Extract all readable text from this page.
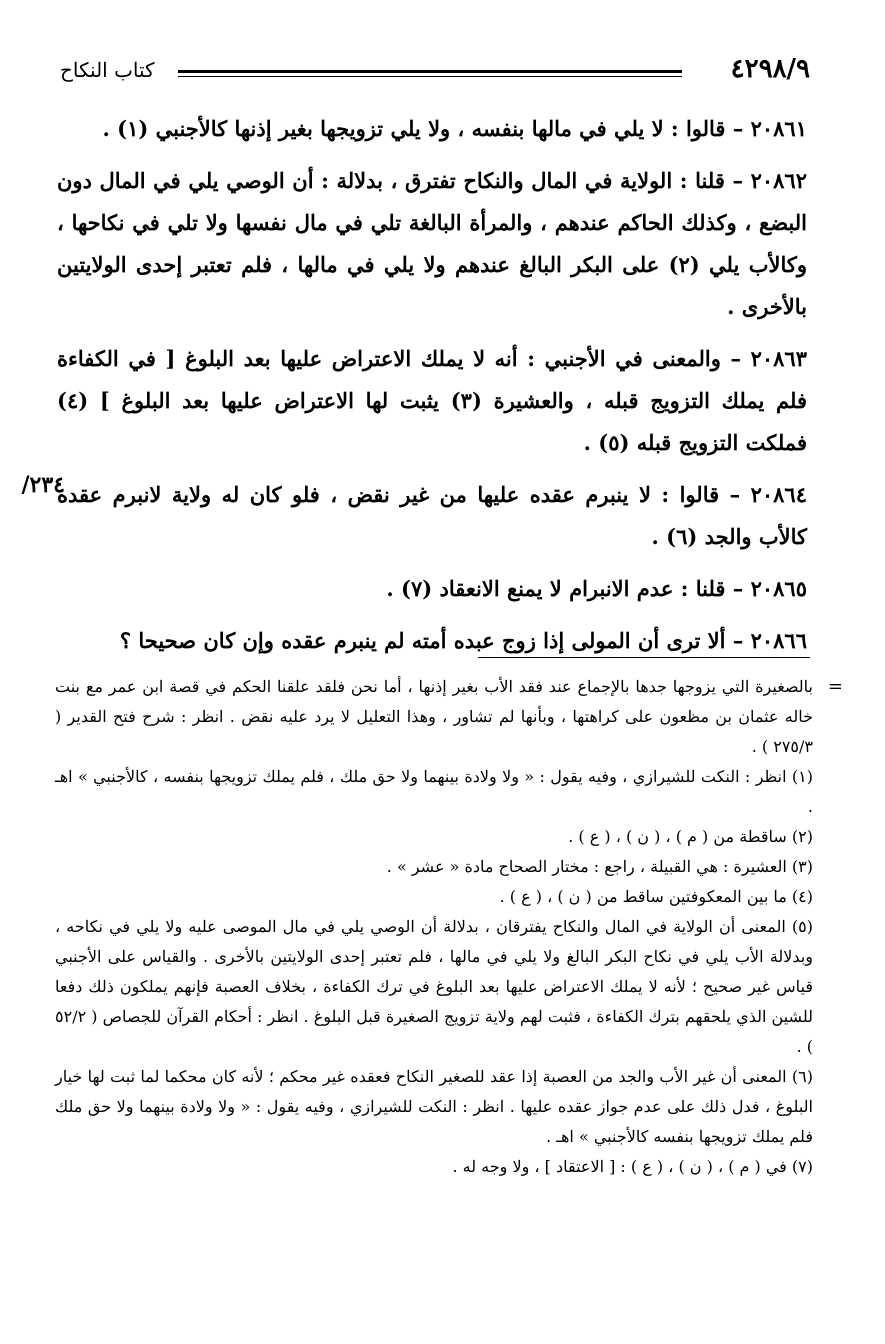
٤٢٩٨/٩
كتاب النكاح
/٢٣٤

٢٠٨٦١ – قالوا : لا يلي في مالها بنفسه ، ولا يلي تزويجها بغير إذنها كالأجنبي (١) .

٢٠٨٦٢ – قلنا : الولاية في المال والنكاح تفترق ، بدلالة : أن الوصي يلي في المال دون البضع ، وكذلك الحاكم عندهم ، والمرأة البالغة تلي في مال نفسها ولا تلي في نكاحها ، وكالأب يلي (٢) على البكر البالغ عندهم ولا يلي في مالها ، فلم تعتبر إحدى الولايتين بالأخرى .

٢٠٨٦٣ – والمعنى في الأجنبي : أنه لا يملك الاعتراض عليها بعد البلوغ [ في الكفاءة فلم يملك التزويج قبله ، والعشيرة (٣) يثبت لها الاعتراض عليها بعد البلوغ ] (٤) فملكت التزويج قبله (٥) .

٢٠٨٦٤ – قالوا : لا ينبرم عقده عليها من غير نقض ، فلو كان له ولاية لانبرم عقده كالأب والجد (٦) .

٢٠٨٦٥ – قلنا : عدم الانبرام لا يمنع الانعقاد (٧) .

٢٠٨٦٦ – ألا ترى أن المولى إذا زوج عبده أمته لم ينبرم عقده وإن كان صحيحا ؟

=
بالصغيرة التي يزوجها جدها بالإجماع عند فقد الأب بغير إذنها ، أما نحن فلقد علقنا الحكم في قصة ابن عمر مع بنت خاله عثمان بن مظعون على كراهتها ، وبأنها لم تشاور ، وهذا التعليل لا يرد عليه نقض . انظر : شرح فتح القدير ( ٢٧٥/٣ ) .

(١) انظر : النكت للشيرازي ، وفيه يقول : « ولا ولادة بينهما ولا حق ملك ، فلم يملك تزويجها بنفسه ، كالأجنبي » اهـ .

(٢) ساقطة من ( م ) ، ( ن ) ، ( ع ) .

(٣) العشيرة : هي القبيلة ، راجع : مختار الصحاح مادة « عشر » .

(٤) ما بين المعكوفتين ساقط من ( ن ) ، ( ع ) .

(٥) المعنى أن الولاية في المال والنكاح يفترقان ، بدلالة أن الوصي يلي في مال الموصى عليه ولا يلي في نكاحه ، وبدلالة الأب يلي في نكاح البكر البالغ ولا يلي في مالها ، فلم تعتبر إحدى الولايتين بالأخرى . والقياس على الأجنبي قياس غير صحيح ؛ لأنه لا يملك الاعتراض عليها بعد البلوغ في ترك الكفاءة ، بخلاف العصبة فإنهم يملكون ذلك دفعا للشين الذي يلحقهم بترك الكفاءة ، فثبت لهم ولاية تزويج الصغيرة قبل البلوغ . انظر : أحكام القرآن للجصاص ( ٥٢/٢ ) .

(٦) المعنى أن غير الأب والجد من العصبة إذا عقد للصغير النكاح فعقده غير محكم ؛ لأنه كان محكما لما ثبت لها خيار البلوغ ، فدل ذلك على عدم جواز عقده عليها . انظر : النكت للشيرازي ، وفيه يقول : « ولا ولادة بينهما ولا حق ملك فلم يملك تزويجها بنفسه كالأجنبي » اهـ .

(٧) في ( م ) ، ( ن ) ، ( ع ) : [ الاعتقاد ] ، ولا وجه له .
